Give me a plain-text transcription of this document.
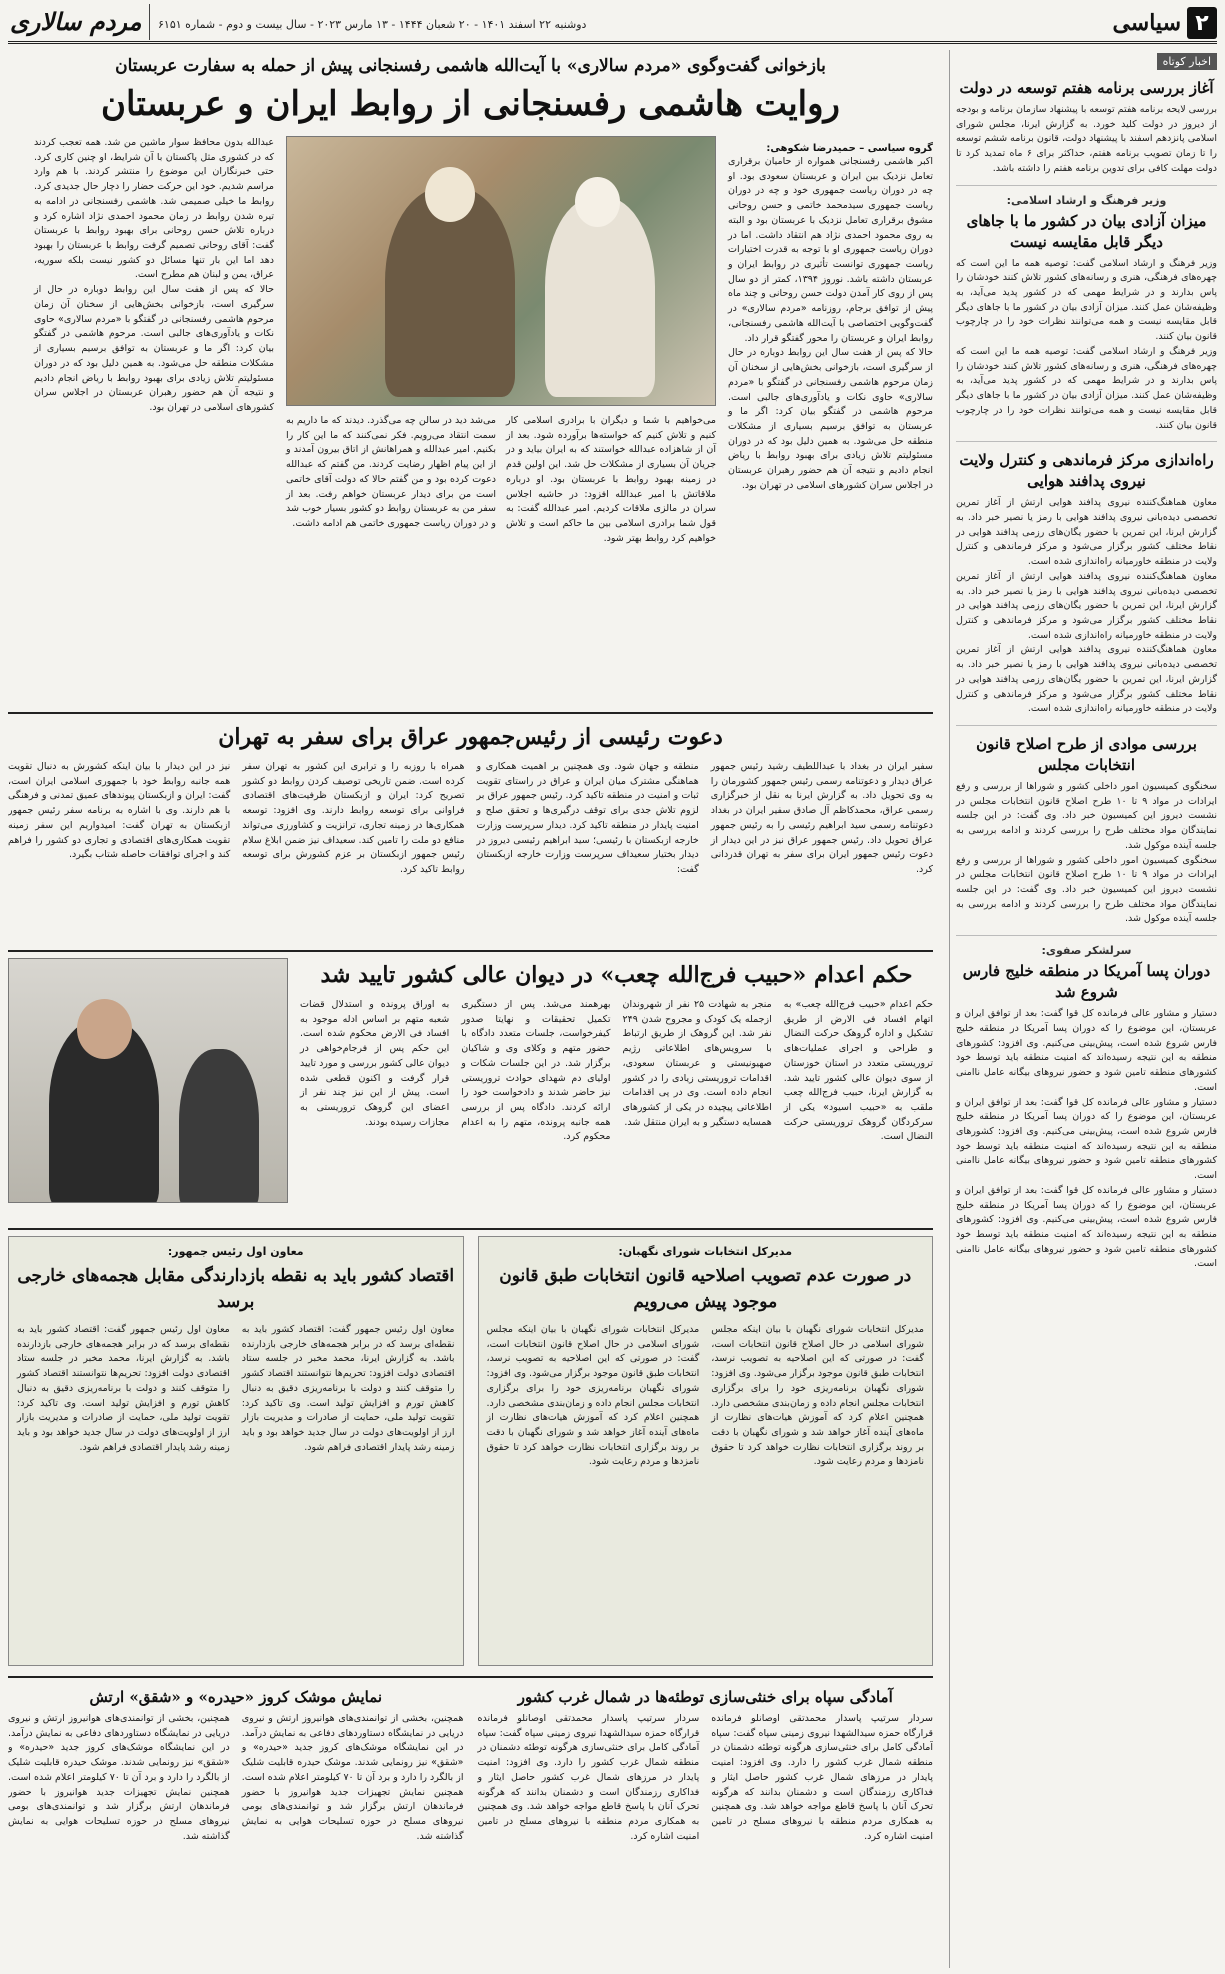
۲
سیاسی
دوشنبه ۲۲ اسفند ۱۴۰۱ - ۲۰ شعبان ۱۴۴۴ - ۱۳ مارس ۲۰۲۳ - سال بیست و دوم - شماره ۶۱۵۱
مردم سالاری
اخبار کوتاه
آغاز بررسی برنامه هفتم توسعه در دولت

بررسی لایحه برنامه هفتم توسعه با پیشنهاد سازمان برنامه و بودجه از دیروز در دولت کلید خورد. به گزارش ایرنا، مجلس شورای اسلامی پانزدهم اسفند با پیشنهاد دولت، قانون برنامه ششم توسعه را تا زمان تصویب برنامه هفتم، حداکثر برای ۶ ماه تمدید کرد تا دولت مهلت کافی برای تدوین برنامه هفتم را داشته باشد.

وزیر فرهنگ و ارشاد اسلامی:
میزان آزادی بیان در کشور ما با جاهای دیگر قابل مقایسه نیست

وزیر فرهنگ و ارشاد اسلامی گفت: توصیه همه ما این است که چهره‌های فرهنگی، هنری و رسانه‌های کشور تلاش کنند خودشان را پاس بدارند و در شرایط مهمی که در کشور پدید می‌آید، به وظیفه‌شان عمل کنند. میزان آزادی بیان در کشور ما با جاهای دیگر قابل مقایسه نیست و همه می‌توانند نظرات خود را در چارچوب قانون بیان کنند.

وزیر فرهنگ و ارشاد اسلامی گفت: توصیه همه ما این است که چهره‌های فرهنگی، هنری و رسانه‌های کشور تلاش کنند خودشان را پاس بدارند و در شرایط مهمی که در کشور پدید می‌آید، به وظیفه‌شان عمل کنند. میزان آزادی بیان در کشور ما با جاهای دیگر قابل مقایسه نیست و همه می‌توانند نظرات خود را در چارچوب قانون بیان کنند.

راه‌اندازی مرکز فرماندهی و کنترل ولایت نیروی پدافند هوایی

معاون هماهنگ‌کننده نیروی پدافند هوایی ارتش از آغاز تمرین تخصصی دیده‌بانی نیروی پدافند هوایی با رمز یا نصیر خبر داد. به گزارش ایرنا، این تمرین با حضور یگان‌های رزمی پدافند هوایی در نقاط مختلف کشور برگزار می‌شود و مرکز فرماندهی و کنترل ولایت در منطقه خاورمیانه راه‌اندازی شده است.

معاون هماهنگ‌کننده نیروی پدافند هوایی ارتش از آغاز تمرین تخصصی دیده‌بانی نیروی پدافند هوایی با رمز یا نصیر خبر داد. به گزارش ایرنا، این تمرین با حضور یگان‌های رزمی پدافند هوایی در نقاط مختلف کشور برگزار می‌شود و مرکز فرماندهی و کنترل ولایت در منطقه خاورمیانه راه‌اندازی شده است.

معاون هماهنگ‌کننده نیروی پدافند هوایی ارتش از آغاز تمرین تخصصی دیده‌بانی نیروی پدافند هوایی با رمز یا نصیر خبر داد. به گزارش ایرنا، این تمرین با حضور یگان‌های رزمی پدافند هوایی در نقاط مختلف کشور برگزار می‌شود و مرکز فرماندهی و کنترل ولایت در منطقه خاورمیانه راه‌اندازی شده است.

بررسی موادی از طرح اصلاح قانون انتخابات مجلس

سخنگوی کمیسیون امور داخلی کشور و شوراها از بررسی و رفع ایرادات در مواد ۹ تا ۱۰ طرح اصلاح قانون انتخابات مجلس در نشست دیروز این کمیسیون خبر داد. وی گفت: در این جلسه نمایندگان مواد مختلف طرح را بررسی کردند و ادامه بررسی به جلسه آینده موکول شد.

سخنگوی کمیسیون امور داخلی کشور و شوراها از بررسی و رفع ایرادات در مواد ۹ تا ۱۰ طرح اصلاح قانون انتخابات مجلس در نشست دیروز این کمیسیون خبر داد. وی گفت: در این جلسه نمایندگان مواد مختلف طرح را بررسی کردند و ادامه بررسی به جلسه آینده موکول شد.

سرلشکر صفوی:
دوران پسا آمریکا در منطقه خلیج فارس شروع شد

دستیار و مشاور عالی فرمانده کل قوا گفت: بعد از توافق ایران و عربستان، این موضوع را که دوران پسا آمریکا در منطقه خلیج فارس شروع شده است، پیش‌بینی می‌کنیم. وی افزود: کشورهای منطقه به این نتیجه رسیده‌اند که امنیت منطقه باید توسط خود کشورهای منطقه تامین شود و حضور نیروهای بیگانه عامل ناامنی است.

دستیار و مشاور عالی فرمانده کل قوا گفت: بعد از توافق ایران و عربستان، این موضوع را که دوران پسا آمریکا در منطقه خلیج فارس شروع شده است، پیش‌بینی می‌کنیم. وی افزود: کشورهای منطقه به این نتیجه رسیده‌اند که امنیت منطقه باید توسط خود کشورهای منطقه تامین شود و حضور نیروهای بیگانه عامل ناامنی است.

دستیار و مشاور عالی فرمانده کل قوا گفت: بعد از توافق ایران و عربستان، این موضوع را که دوران پسا آمریکا در منطقه خلیج فارس شروع شده است، پیش‌بینی می‌کنیم. وی افزود: کشورهای منطقه به این نتیجه رسیده‌اند که امنیت منطقه باید توسط خود کشورهای منطقه تامین شود و حضور نیروهای بیگانه عامل ناامنی است.

بازخوانی گفت‌وگوی «مردم سالاری» با آیت‌الله هاشمی رفسنجانی پیش از حمله به سفارت عربستان
روایت هاشمی رفسنجانی از روابط ایران و عربستان
گروه سیاسی – حمیدرضا شکوهی:

اکبر هاشمی رفسنجانی همواره از حامیان برقراری تعامل نزدیک بین ایران و عربستان سعودی بود. او چه در دوران ریاست جمهوری خود و چه در دوران ریاست جمهوری سیدمحمد خاتمی و حسن روحانی مشوق برقراری تعامل نزدیک با عربستان بود و البته به روی محمود احمدی نژاد هم انتقاد داشت. اما در دوران ریاست جمهوری او با توجه به قدرت اختیارات ریاست جمهوری توانست تأثیری در روابط ایران و عربستان داشته باشد. نوروز ۱۳۹۴، کمتر از دو سال پس از روی کار آمدن دولت حسن روحانی و چند ماه پیش از توافق برجام، روزنامه «مردم سالاری» در گفت‌وگویی اختصاصی با آیت‌الله هاشمی رفسنجانی، روابط ایران و عربستان را محور گفتگو قرار داد.

حالا که پس از هفت سال این روابط دوباره در حال از سرگیری است، بازخوانی بخش‌هایی از سخنان آن زمان مرحوم هاشمی رفسنجانی در گفتگو با «مردم سالاری» حاوی نکات و یادآوری‌های جالبی است. مرحوم هاشمی در گفتگو بیان کرد: اگر ما و عربستان به توافق برسیم بسیاری از مشکلات منطقه حل می‌شود. به همین دلیل بود که در دوران مسئولیتم تلاش زیادی برای بهبود روابط با ریاض انجام دادیم و نتیجه آن هم حضور رهبران عربستان در اجلاس سران کشورهای اسلامی در تهران بود.

می‌خواهیم با شما و دیگران با برادری اسلامی کار کنیم و تلاش کنیم که خواسته‌ها برآورده شود. بعد از آن از شاهزاده عبدالله خواستند که به ایران بیاید و در جریان آن بسیاری از مشکلات حل شد. این اولین قدم در زمینه بهبود روابط با عربستان بود. او درباره ملاقاتش با امیر عبدالله افزود: در حاشیه اجلاس سران در مالزی ملاقات کردیم. امیر عبدالله گفت: به قول شما برادری اسلامی بین ما حاکم است و تلاش خواهیم کرد روابط بهتر شود.

می‌شد دید در سالن چه می‌گذرد. دیدند که ما داریم به سمت انتقاد می‌رویم. فکر نمی‌کنند که ما این کار را بکنیم. امیر عبدالله و همراهانش از اتاق بیرون آمدند و از این پیام اظهار رضایت کردند. من گفتم که عبدالله دعوت کرده بود و من گفتم حالا که دولت آقای خاتمی است من برای دیدار عربستان خواهم رفت. بعد از سفر من به عربستان روابط دو کشور بسیار خوب شد و در دوران ریاست جمهوری خاتمی هم ادامه داشت.

عبدالله بدون محافظ سوار ماشین من شد. همه تعجب کردند که در کشوری مثل پاکستان با آن شرایط، او چنین کاری کرد. حتی خبرنگاران این موضوع را منتشر کردند. با هم وارد مراسم شدیم. خود این حرکت حضار را دچار حال جدیدی کرد. روابط ما خیلی صمیمی شد. هاشمی رفسنجانی در ادامه به تیره شدن روابط در زمان محمود احمدی نژاد اشاره کرد و درباره تلاش حسن روحانی برای بهبود روابط با عربستان گفت: آقای روحانی تصمیم گرفت روابط با عربستان را بهبود دهد اما این بار تنها مسائل دو کشور نیست بلکه سوریه، عراق، یمن و لبنان هم مطرح است.

حالا که پس از هفت سال این روابط دوباره در حال از سرگیری است، بازخوانی بخش‌هایی از سخنان آن زمان مرحوم هاشمی رفسنجانی در گفتگو با «مردم سالاری» حاوی نکات و یادآوری‌های جالبی است. مرحوم هاشمی در گفتگو بیان کرد: اگر ما و عربستان به توافق برسیم بسیاری از مشکلات منطقه حل می‌شود. به همین دلیل بود که در دوران مسئولیتم تلاش زیادی برای بهبود روابط با ریاض انجام دادیم و نتیجه آن هم حضور رهبران عربستان در اجلاس سران کشورهای اسلامی در تهران بود.

دعوت رئیسی از رئیس‌جمهور عراق برای سفر به تهران

سفیر ایران در بغداد با عبداللطیف رشید رئیس جمهور عراق دیدار و دعوتنامه رسمی رئیس جمهور کشورمان را به وی تحویل داد. به گزارش ایرنا به نقل از خبرگزاری رسمی عراق، محمدکاظم آل صادق سفیر ایران در بغداد دعوتنامه رسمی سید ابراهیم رئیسی را به رئیس جمهور عراق تحویل داد. رئیس جمهور عراق نیز در این دیدار از دعوت رئیس جمهور ایران برای سفر به تهران قدردانی کرد.

منطقه و جهان شود. وی همچنین بر اهمیت همکاری و هماهنگی مشترک میان ایران و عراق در راستای تقویت ثبات و امنیت در منطقه تاکید کرد. رئیس جمهور عراق بر لزوم تلاش جدی برای توقف درگیری‌ها و تحقق صلح و امنیت پایدار در منطقه تاکید کرد. دیدار سرپرست وزارت خارجه ازبکستان با رئیسی؛ سید ابراهیم رئیسی دیروز در دیدار بختیار سعیداف سرپرست وزارت خارجه ازبکستان گفت:

همراه با روزبه را و ترابری این کشور به تهران سفر کرده است. ضمن تاریخی توصیف کردن روابط دو کشور تصریح کرد: ایران و ازبکستان ظرفیت‌های اقتصادی فراوانی برای توسعه روابط دارند. وی افزود: توسعه همکاری‌ها در زمینه تجاری، ترانزیت و کشاورزی می‌تواند منافع دو ملت را تامین کند. سعیداف نیز ضمن ابلاغ سلام رئیس جمهور ازبکستان بر عزم کشورش برای توسعه روابط تاکید کرد.

نیز در این دیدار با بیان اینکه کشورش به دنبال تقویت همه جانبه روابط خود با جمهوری اسلامی ایران است، گفت: ایران و ازبکستان پیوندهای عمیق تمدنی و فرهنگی با هم دارند. وی با اشاره به برنامه سفر رئیس جمهور ازبکستان به تهران گفت: امیدواریم این سفر زمینه تقویت همکاری‌های اقتصادی و تجاری دو کشور را فراهم کند و اجرای توافقات حاصله شتاب بگیرد.

حکم اعدام «حبیب فرج‌الله چعب» در دیوان عالی کشور تایید شد

حکم اعدام «حبیب فرج‌الله چعب» به اتهام افساد فی الارض از طریق تشکیل و اداره گروهک حرکت النضال و طراحی و اجرای عملیات‌های تروریستی متعدد در استان خوزستان از سوی دیوان عالی کشور تایید شد. به گزارش ایرنا، حبیب فرج‌الله چعب ملقب به «حبیب اسیود» یکی از سرکردگان گروهک تروریستی حرکت النضال است.

منجر به شهادت ۲۵ نفر از شهروندان ازجمله یک کودک و مجروح شدن ۲۴۹ نفر شد. این گروهک از طریق ارتباط با سرویس‌های اطلاعاتی رژیم صهیونیستی و عربستان سعودی، اقدامات تروریستی زیادی را در کشور انجام داده است. وی در پی اقدامات اطلاعاتی پیچیده در یکی از کشورهای همسایه دستگیر و به ایران منتقل شد.

بهرهمند می‌شد. پس از دستگیری تکمیل تحقیقات و نهایتا صدور کیفرخواست، جلسات متعدد دادگاه با حضور متهم و وکلای وی و شاکیان برگزار شد. در این جلسات شکات و اولیای دم شهدای حوادث تروریستی نیز حاضر شدند و دادخواست خود را ارائه کردند. دادگاه پس از بررسی همه جانبه پرونده، متهم را به اعدام محکوم کرد.

به اوراق پرونده و استدلال قضات شعبه متهم بر اساس ادله موجود به افساد فی الارض محکوم شده است. این حکم پس از فرجام‌خواهی در دیوان عالی کشور بررسی و مورد تایید قرار گرفت و اکنون قطعی شده است. پیش از این نیز چند نفر از اعضای این گروهک تروریستی به مجازات رسیده بودند.

مدیرکل انتخابات شورای نگهبان:
در صورت عدم تصویب اصلاحیه قانون انتخابات طبق قانون موجود پیش می‌رویم

مدیرکل انتخابات شورای نگهبان با بیان اینکه مجلس شورای اسلامی در حال اصلاح قانون انتخابات است، گفت: در صورتی که این اصلاحیه به تصویب نرسد، انتخابات طبق قانون موجود برگزار می‌شود. وی افزود: شورای نگهبان برنامه‌ریزی خود را برای برگزاری انتخابات مجلس انجام داده و زمان‌بندی مشخصی دارد. همچنین اعلام کرد که آموزش هیات‌های نظارت از ماه‌های آینده آغاز خواهد شد و شورای نگهبان با دقت بر روند برگزاری انتخابات نظارت خواهد کرد تا حقوق نامزدها و مردم رعایت شود.

مدیرکل انتخابات شورای نگهبان با بیان اینکه مجلس شورای اسلامی در حال اصلاح قانون انتخابات است، گفت: در صورتی که این اصلاحیه به تصویب نرسد، انتخابات طبق قانون موجود برگزار می‌شود. وی افزود: شورای نگهبان برنامه‌ریزی خود را برای برگزاری انتخابات مجلس انجام داده و زمان‌بندی مشخصی دارد. همچنین اعلام کرد که آموزش هیات‌های نظارت از ماه‌های آینده آغاز خواهد شد و شورای نگهبان با دقت بر روند برگزاری انتخابات نظارت خواهد کرد تا حقوق نامزدها و مردم رعایت شود.

معاون اول رئیس جمهور:
اقتصاد کشور باید به نقطه بازدارندگی مقابل هجمه‌های خارجی برسد

معاون اول رئیس جمهور گفت: اقتصاد کشور باید به نقطه‌ای برسد که در برابر هجمه‌های خارجی بازدارنده باشد. به گزارش ایرنا، محمد مخبر در جلسه ستاد اقتصادی دولت افزود: تحریم‌ها نتوانستند اقتصاد کشور را متوقف کنند و دولت با برنامه‌ریزی دقیق به دنبال کاهش تورم و افزایش تولید است. وی تاکید کرد: تقویت تولید ملی، حمایت از صادرات و مدیریت بازار ارز از اولویت‌های دولت در سال جدید خواهد بود و باید زمینه رشد پایدار اقتصادی فراهم شود.

معاون اول رئیس جمهور گفت: اقتصاد کشور باید به نقطه‌ای برسد که در برابر هجمه‌های خارجی بازدارنده باشد. به گزارش ایرنا، محمد مخبر در جلسه ستاد اقتصادی دولت افزود: تحریم‌ها نتوانستند اقتصاد کشور را متوقف کنند و دولت با برنامه‌ریزی دقیق به دنبال کاهش تورم و افزایش تولید است. وی تاکید کرد: تقویت تولید ملی، حمایت از صادرات و مدیریت بازار ارز از اولویت‌های دولت در سال جدید خواهد بود و باید زمینه رشد پایدار اقتصادی فراهم شود.

آمادگی سپاه برای خنثی‌سازی توطئه‌ها در شمال غرب کشور

سردار سرتیپ پاسدار محمدتقی اوصانلو فرمانده قرارگاه حمزه سیدالشهدا نیروی زمینی سپاه گفت: سپاه آمادگی کامل برای خنثی‌سازی هرگونه توطئه دشمنان در منطقه شمال غرب کشور را دارد. وی افزود: امنیت پایدار در مرزهای شمال غرب کشور حاصل ایثار و فداکاری رزمندگان است و دشمنان بدانند که هرگونه تحرک آنان با پاسخ قاطع مواجه خواهد شد. وی همچنین به همکاری مردم منطقه با نیروهای مسلح در تامین امنیت اشاره کرد.

سردار سرتیپ پاسدار محمدتقی اوصانلو فرمانده قرارگاه حمزه سیدالشهدا نیروی زمینی سپاه گفت: سپاه آمادگی کامل برای خنثی‌سازی هرگونه توطئه دشمنان در منطقه شمال غرب کشور را دارد. وی افزود: امنیت پایدار در مرزهای شمال غرب کشور حاصل ایثار و فداکاری رزمندگان است و دشمنان بدانند که هرگونه تحرک آنان با پاسخ قاطع مواجه خواهد شد. وی همچنین به همکاری مردم منطقه با نیروهای مسلح در تامین امنیت اشاره کرد.

نمایش موشک کروز «حیدره» و «شقق» ارتش

همچنین، بخشی از توانمندی‌های هوانیروز ارتش و نیروی دریایی در نمایشگاه دستاوردهای دفاعی به نمایش درآمد. در این نمایشگاه موشک‌های کروز جدید «حیدره» و «شقق» نیز رونمایی شدند. موشک حیدره قابلیت شلیک از بالگرد را دارد و برد آن تا ۷۰ کیلومتر اعلام شده است. همچنین نمایش تجهیزات جدید هوانیروز با حضور فرماندهان ارتش برگزار شد و توانمندی‌های بومی نیروهای مسلح در حوزه تسلیحات هوایی به نمایش گذاشته شد.

همچنین، بخشی از توانمندی‌های هوانیروز ارتش و نیروی دریایی در نمایشگاه دستاوردهای دفاعی به نمایش درآمد. در این نمایشگاه موشک‌های کروز جدید «حیدره» و «شقق» نیز رونمایی شدند. موشک حیدره قابلیت شلیک از بالگرد را دارد و برد آن تا ۷۰ کیلومتر اعلام شده است. همچنین نمایش تجهیزات جدید هوانیروز با حضور فرماندهان ارتش برگزار شد و توانمندی‌های بومی نیروهای مسلح در حوزه تسلیحات هوایی به نمایش گذاشته شد.
